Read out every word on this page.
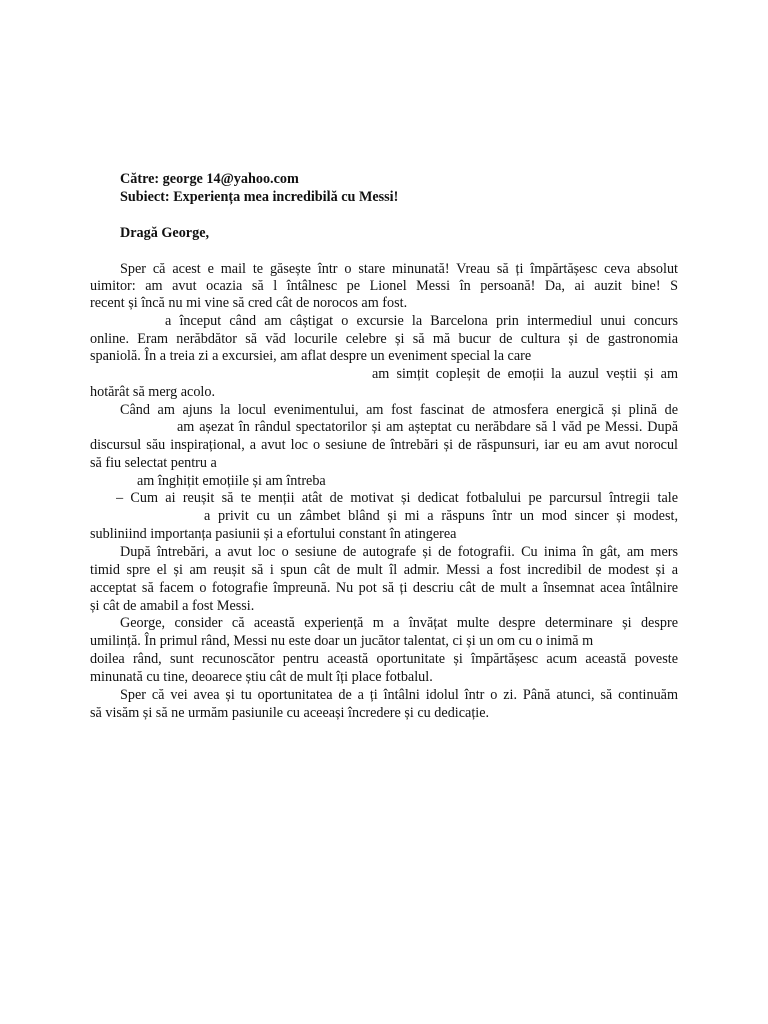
Către: george 14@yahoo.com
Subiect: Experiența mea incredibilă cu Messi!
Dragă George,
Sper că acest e mail te găsește într o stare minunată! Vreau să ți împărtășesc ceva absolut
uimitor: am avut ocazia să l întâlnesc pe Lionel Messi în persoană! Da, ai auzit bine! S
recent și încă nu mi vine să cred cât de norocos am fost.
a început când am câștigat o excursie la Barcelona prin intermediul unui concurs
online. Eram nerăbdător să văd locurile celebre și să mă bucur de cultura și de gastronomia
spaniolă. În a treia zi a excursiei, am aflat despre un eveniment special la care
am simțit copleșit de emoții la auzul veștii și am
hotărât să merg acolo.
Când am ajuns la locul evenimentului, am fost fascinat de atmosfera energică și plină de
am așezat în rândul spectatorilor și am așteptat cu nerăbdare să l văd pe Messi. După
discursul său inspirațional, a avut loc o sesiune de întrebări și de răspunsuri, iar eu am avut norocul
să fiu selectat pentru a
am înghițit emoțiile și am întreba
– Cum ai reușit să te menții atât de motivat și dedicat fotbalului pe parcursul întregii tale
a privit cu un zâmbet blând și mi a răspuns într un mod sincer și modest,
subliniind importanța pasiunii și a efortului constant în atingerea
După întrebări, a avut loc o sesiune de autografe și de fotografii. Cu inima în gât, am mers
timid spre el și am reușit să i spun cât de mult îl admir. Messi a fost incredibil de modest și a
acceptat să facem o fotografie împreună. Nu pot să ți descriu cât de mult a însemnat acea întâlnire
și cât de amabil a fost Messi.
George, consider că această experiență m a învățat multe despre determinare și despre
umilință. În primul rând, Messi nu este doar un jucător talentat, ci și un om cu o inimă m
doilea rând, sunt recunoscător pentru această oportunitate și împărtășesc acum această poveste
minunată cu tine, deoarece știu cât de mult îți place fotbalul.
Sper că vei avea și tu oportunitatea de a ți întâlni idolul într o zi. Până atunci, să continuăm
să visăm și să ne urmăm pasiunile cu aceeași încredere și cu dedicație.
